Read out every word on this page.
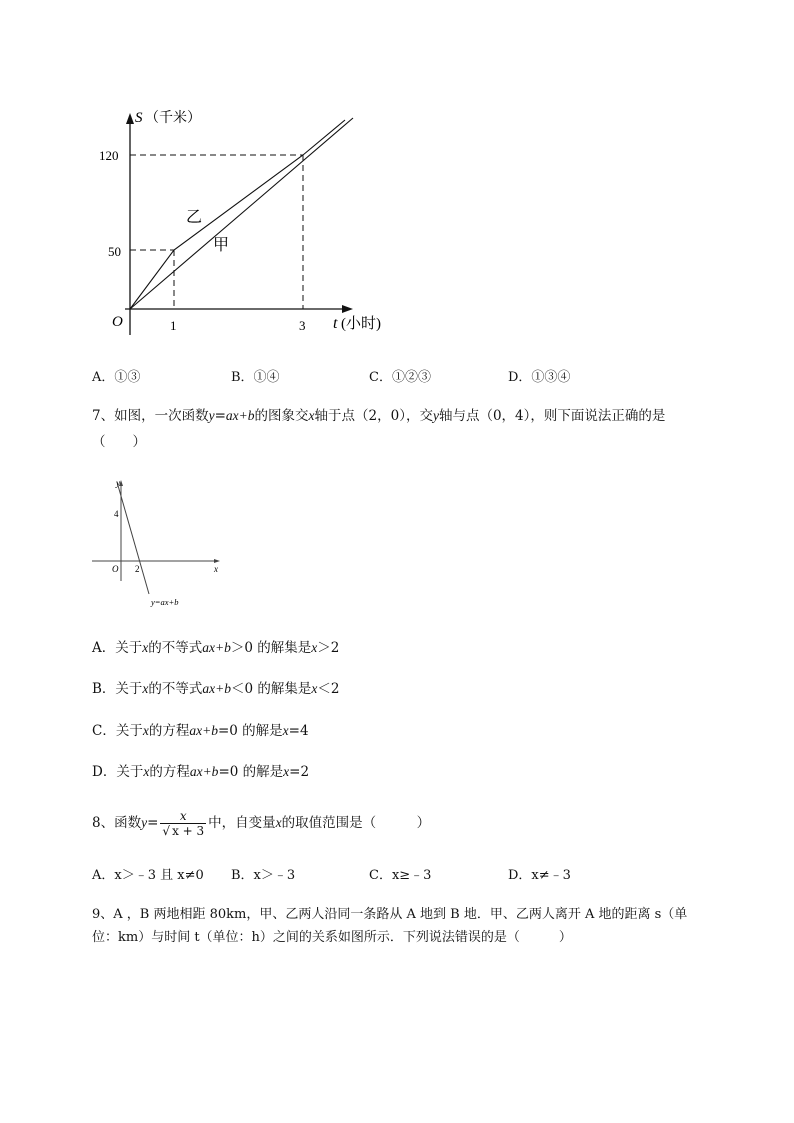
S （千米）
120
50
O	1	3 t (小时)
乙
甲
A．①③	B．①④	C．①②③	D．①③④
7、如图，一次函数y=ax+b的图象交x轴于点（2，0），交y轴与点（0，4），则下面说法正确的是
（　　）
y
4
O 2	x
y=ax+b
A．关于x的不等式ax+b＞0 的解集是x＞2
B．关于x的不等式ax+b＜0 的解集是x＜2
C．关于x的方程ax+b=0 的解是x=4
D．关于x的方程ax+b=0 的解是x=2
8、函数$y= \frac{x}{√ x + 3}$ 中，自变量x的取值范围是（　　　）
A．x＞﹣3 且 x≠0 B．x＞﹣3	C．x≥﹣3	D．x≠﹣3
9、A ，B 两地相距 80km，甲、乙两人沿同一条路从 A 地到 B 地．甲、乙两人离开 A 地的距离 s（单
位：km）与时间 t（单位：h）之间的关系如图所示．下列说法错误的是（　　　）
